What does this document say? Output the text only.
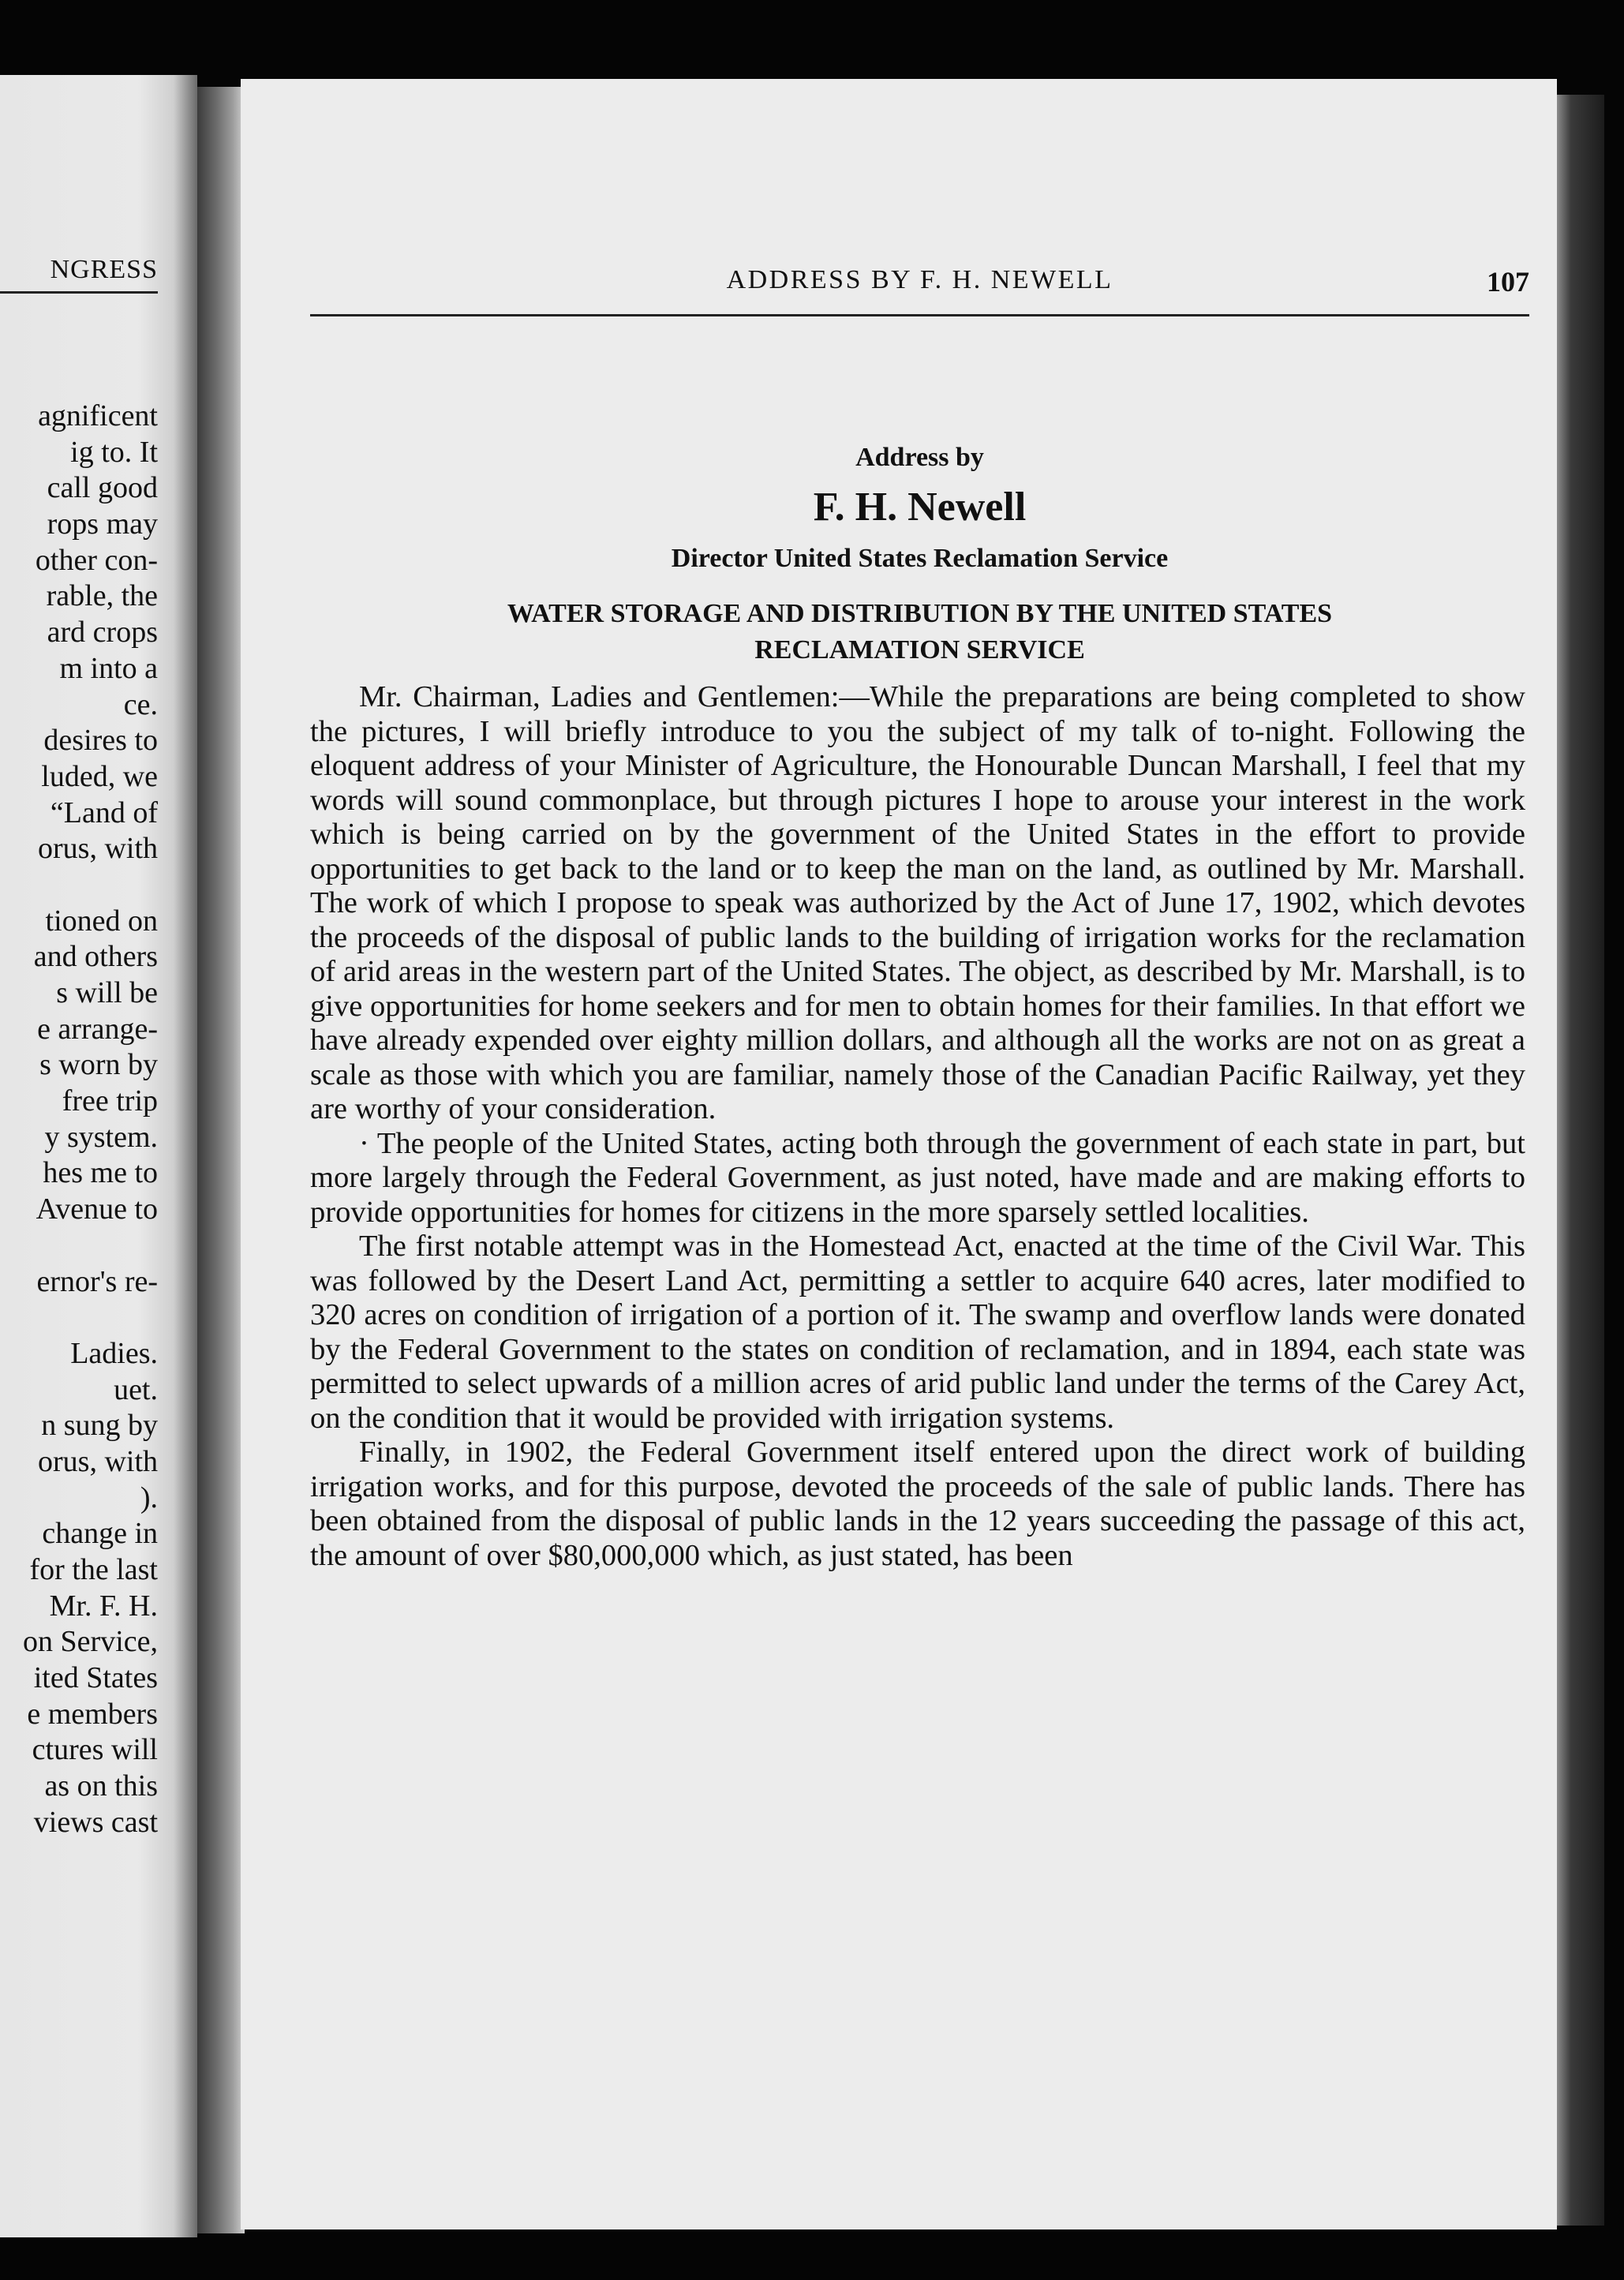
NGRESS
agnificent
ig to. It
call good
rops may
other con-
rable, the
ard crops
m into a
ce.
desires to
luded, we
“Land of
orus, with
tioned on
and others
s will be
e arrange-
s worn by
free trip
y system.
hes me to
Avenue to
ernor's re-
Ladies.
uet.
n sung by
orus, with
).
change in
for the last
Mr. F. H.
on Service,
ited States
e members
ctures will
as on this
views cast
ADDRESS BY F. H. NEWELL	107
Address by
F. H. Newell
Director United States Reclamation Service
WATER STORAGE AND DISTRIBUTION BY THE UNITED STATES
RECLAMATION SERVICE

Mr. Chairman, Ladies and Gentlemen:—While the preparations are being completed to show the pictures, I will briefly introduce to you the subject of my talk of to-night. Following the eloquent address of your Minister of Agriculture, the Honourable Duncan Marshall, I feel that my words will sound commonplace, but through pictures I hope to arouse your interest in the work which is being carried on by the government of the United States in the effort to provide opportunities to get back to the land or to keep the man on the land, as outlined by Mr. Marshall. The work of which I propose to speak was authorized by the Act of June 17, 1902, which devotes the proceeds of the disposal of public lands to the building of irrigation works for the reclamation of arid areas in the western part of the United States. The object, as described by Mr. Marshall, is to give opportunities for home seekers and for men to obtain homes for their families. In that effort we have already expended over eighty million dollars, and although all the works are not on as great a scale as those with which you are familiar, namely those of the Canadian Pacific Railway, yet they are worthy of your consideration.

· The people of the United States, acting both through the government of each state in part, but more largely through the Federal Government, as just noted, have made and are making efforts to provide opportunities for homes for citizens in the more sparsely settled localities.

The first notable attempt was in the Homestead Act, enacted at the time of the Civil War. This was followed by the Desert Land Act, permitting a settler to acquire 640 acres, later modified to 320 acres on condition of irrigation of a portion of it. The swamp and overflow lands were donated by the Federal Government to the states on condition of reclamation, and in 1894, each state was permitted to select upwards of a million acres of arid public land under the terms of the Carey Act, on the condition that it would be provided with irrigation systems.

Finally, in 1902, the Federal Government itself entered upon the direct work of building irrigation works, and for this purpose, devoted the proceeds of the sale of public lands. There has been obtained from the disposal of public lands in the 12 years succeeding the passage of this act, the amount of over $80,000,000 which, as just stated, has been
